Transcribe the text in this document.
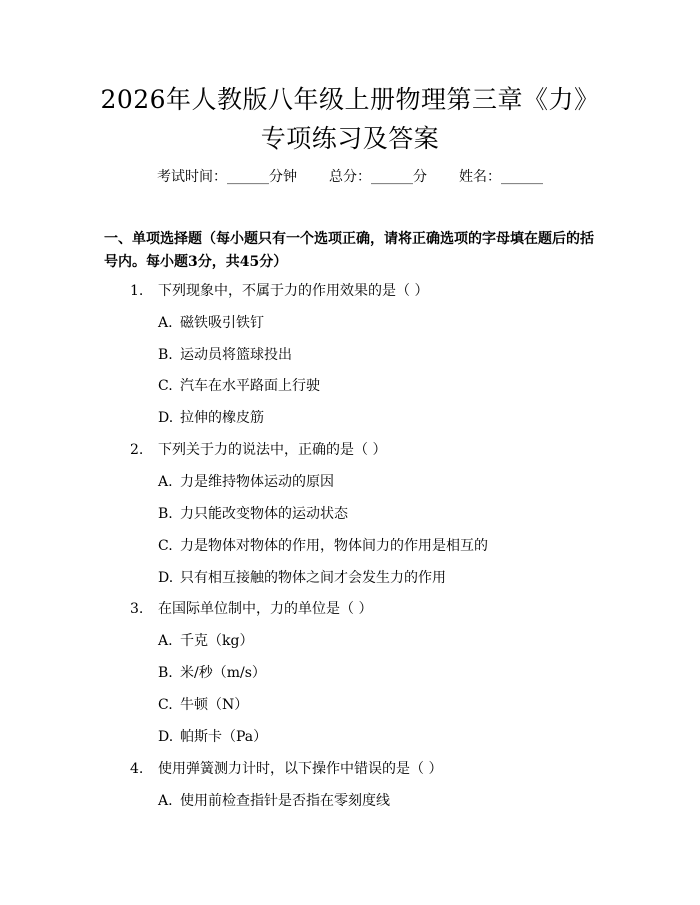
2026年人教版八年级上册物理第三章《力》
专项练习及答案
考试时间：______分钟 总分：______分 姓名：______
一、单项选择题（每小题只有一个选项正确，请将正确选项的字母填在题后的括
号内。每小题3分，共45分）
1. 下列现象中，不属于力的作用效果的是（ ）
A. 磁铁吸引铁钉
B. 运动员将篮球投出
C. 汽车在水平路面上行驶
D. 拉伸的橡皮筋
2. 下列关于力的说法中，正确的是（ ）
A. 力是维持物体运动的原因
B. 力只能改变物体的运动状态
C. 力是物体对物体的作用，物体间力的作用是相互的
D. 只有相互接触的物体之间才会发生力的作用
3. 在国际单位制中，力的单位是（ ）
A. 千克（kg）
B. 米/秒（m/s）
C. 牛顿（N）
D. 帕斯卡（Pa）
4. 使用弹簧测力计时，以下操作中错误的是（ ）
A. 使用前检查指针是否指在零刻度线
